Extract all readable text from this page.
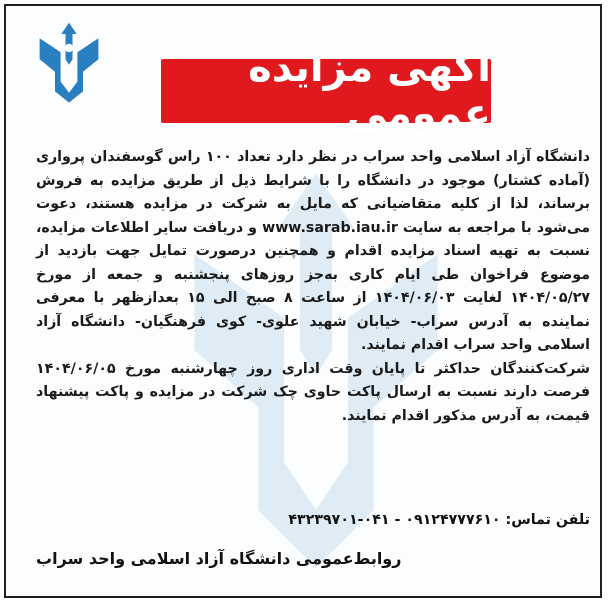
آگهی مزایده عمومی

دانشگاه آزاد اسلامی واحد سراب در نظر دارد تعداد ۱۰۰ راس گوسفندان پرواری (آماده کشتار) موجود در دانشگاه را با شرایط ذیل از طریق مزایده به فروش برساند، لذا از کلیه متقاضیانی که مایل به شرکت در مزایده هستند، دعوت می‌شود با مراجعه به سایت www.sarab.iau.ir و دریافت سایر اطلاعات مزایده، نسبت به تهیه اسناد مزایده اقدام و همچنین درصورت تمایل جهت بازدید از موضوع فراخوان طی ایام کاری به‌جز روزهای پنجشنبه و جمعه از مورخ ۱۴۰۴/۰۵/۲۷ لغایت ۱۴۰۴/۰۶/۰۳ از ساعت ۸ صبح الی ۱۵ بعدازظهر با معرفی نماینده به آدرس سراب- خیابان شهید علوی- کوی فرهنگیان- دانشگاه آزاد اسلامی واحد سراب اقدام نمایند.

شرکت‌کنندگان حداکثر تا پایان وقت اداری روز چهارشنبه مورخ ۱۴۰۴/۰۶/۰۵ فرصت دارند نسبت به ارسال پاکت حاوی چک شرکت در مزایده و پاکت پیشنهاد قیمت، به آدرس مذکور اقدام نمایند.

تلفن تماس: ۰۹۱۲۴۷۷۷۶۱۰ - ۰۴۱-۴۳۲۳۹۷۰۱
روابط‌عمومی دانشگاه آزاد اسلامی واحد سراب
